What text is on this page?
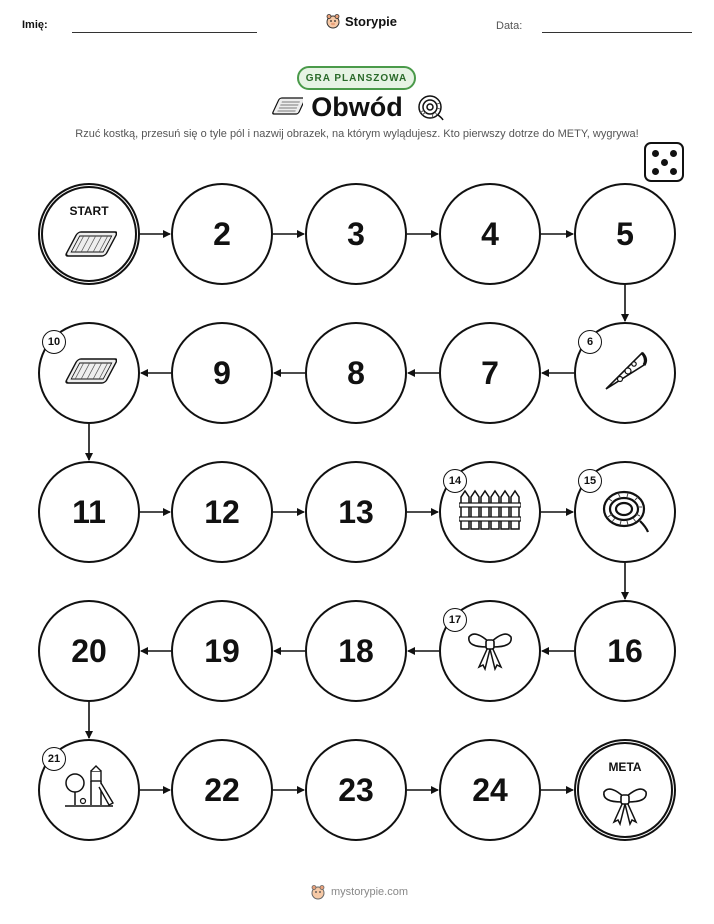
Imię:	Storypie	Data:
GRA PLANSZOWA
Obwód
Rzuć kostką, przesuń się o tyle pól i nazwij obrazek, na którym wylądujesz. Kto pierwszy dotrze do METY, wygrywa!
START
2	3	4	5
6
7
8
9
10
11	12	13
14	15
16
17
18
19
20
21
22	23	24
META
mystorypie.com
